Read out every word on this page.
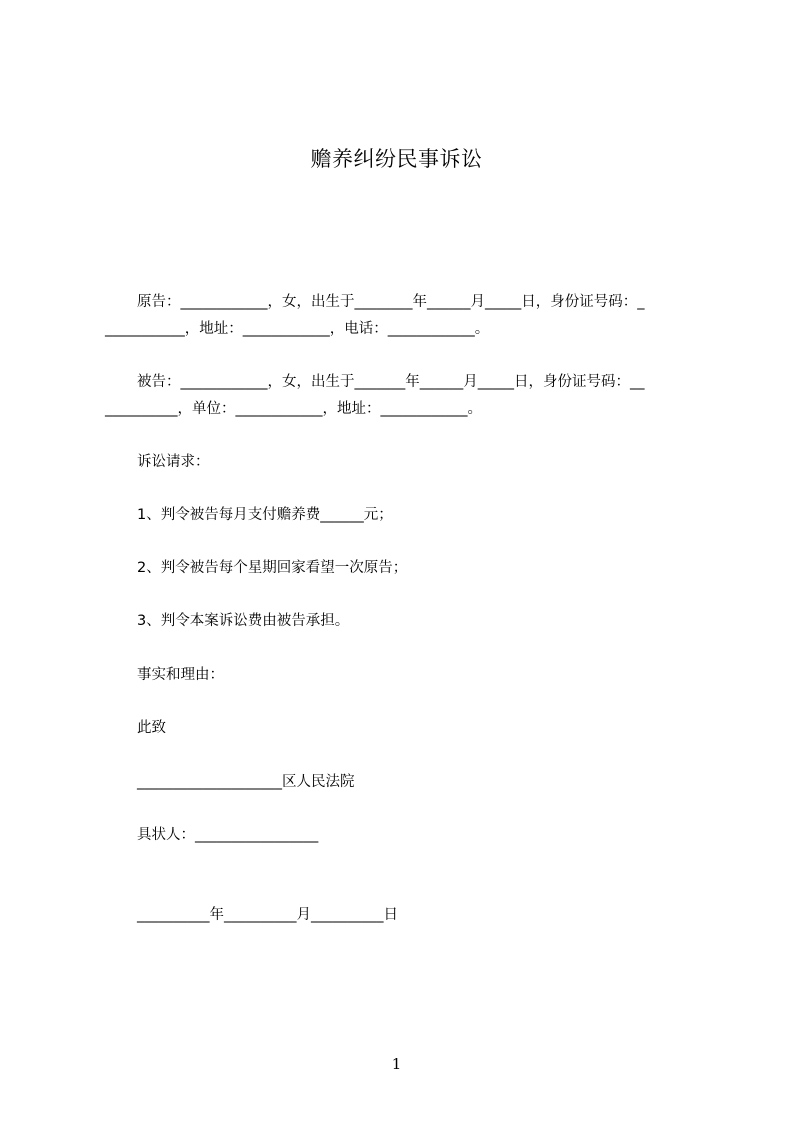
赡养纠纷民事诉讼
原告：____________，女，出生于________年______月_____日，身份证号码：_
___________，地址：____________，电话：____________。
被告：____________，女，出生于_______年______月_____日，身份证号码：__
__________，单位：____________，地址：____________。
诉讼请求：
1、判令被告每月支付赡养费______元；
2、判令被告每个星期回家看望一次原告；
3、判令本案诉讼费由被告承担。
事实和理由：
此致
____________________区人民法院
具状人：_________________
__________年__________月__________日
1
